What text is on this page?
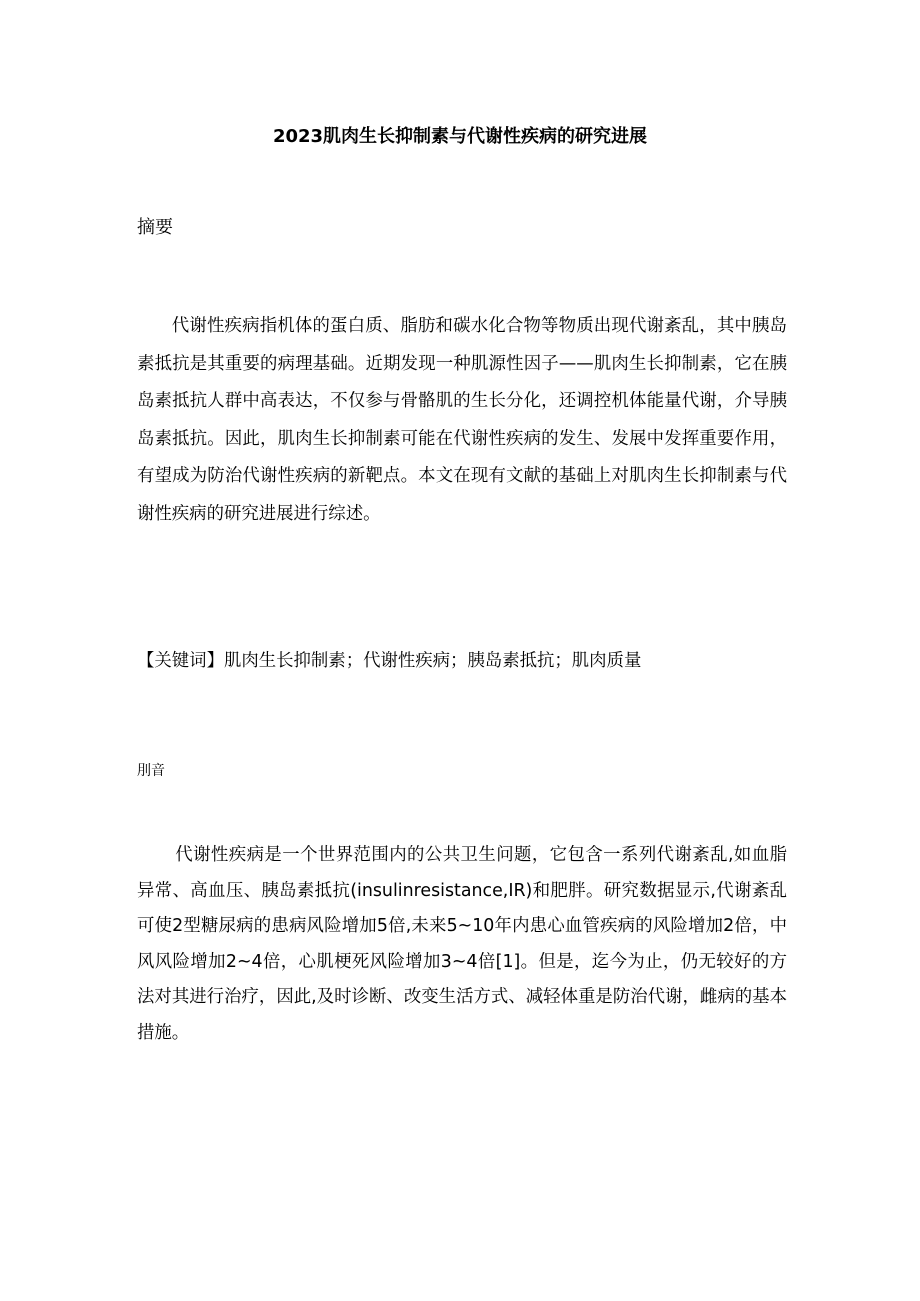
2023肌肉生长抑制素与代谢性疾病的研究进展

摘要

代谢性疾病指机体的蛋白质、脂肪和碳水化合物等物质出现代谢紊乱，其中胰岛素抵抗是其重要的病理基础。近期发现一种肌源性因子——肌肉生长抑制素，它在胰岛素抵抗人群中高表达，不仅参与骨骼肌的生长分化，还调控机体能量代谢，介导胰岛素抵抗。因此，肌肉生长抑制素可能在代谢性疾病的发生、发展中发挥重要作用，有望成为防治代谢性疾病的新靶点。本文在现有文献的基础上对肌肉生长抑制素与代谢性疾病的研究进展进行综述。

【关键词】肌肉生长抑制素；代谢性疾病；胰岛素抵抗；肌肉质量

刖音

代谢性疾病是一个世界范围内的公共卫生问题，它包含一系列代谢紊乱,如血脂异常、高血压、胰岛素抵抗(insulinresistance,IR)和肥胖。研究数据显示,代谢紊乱可使2型糖尿病的患病风险增加5倍,未来5~10年内患心血管疾病的风险增加2倍，中风风险增加2~4倍，心肌梗死风险增加3~4倍[1]。但是，迄今为止，仍无较好的方法对其进行治疗，因此,及时诊断、改变生活方式、减轻体重是防治代谢，雌病的基本措施。
